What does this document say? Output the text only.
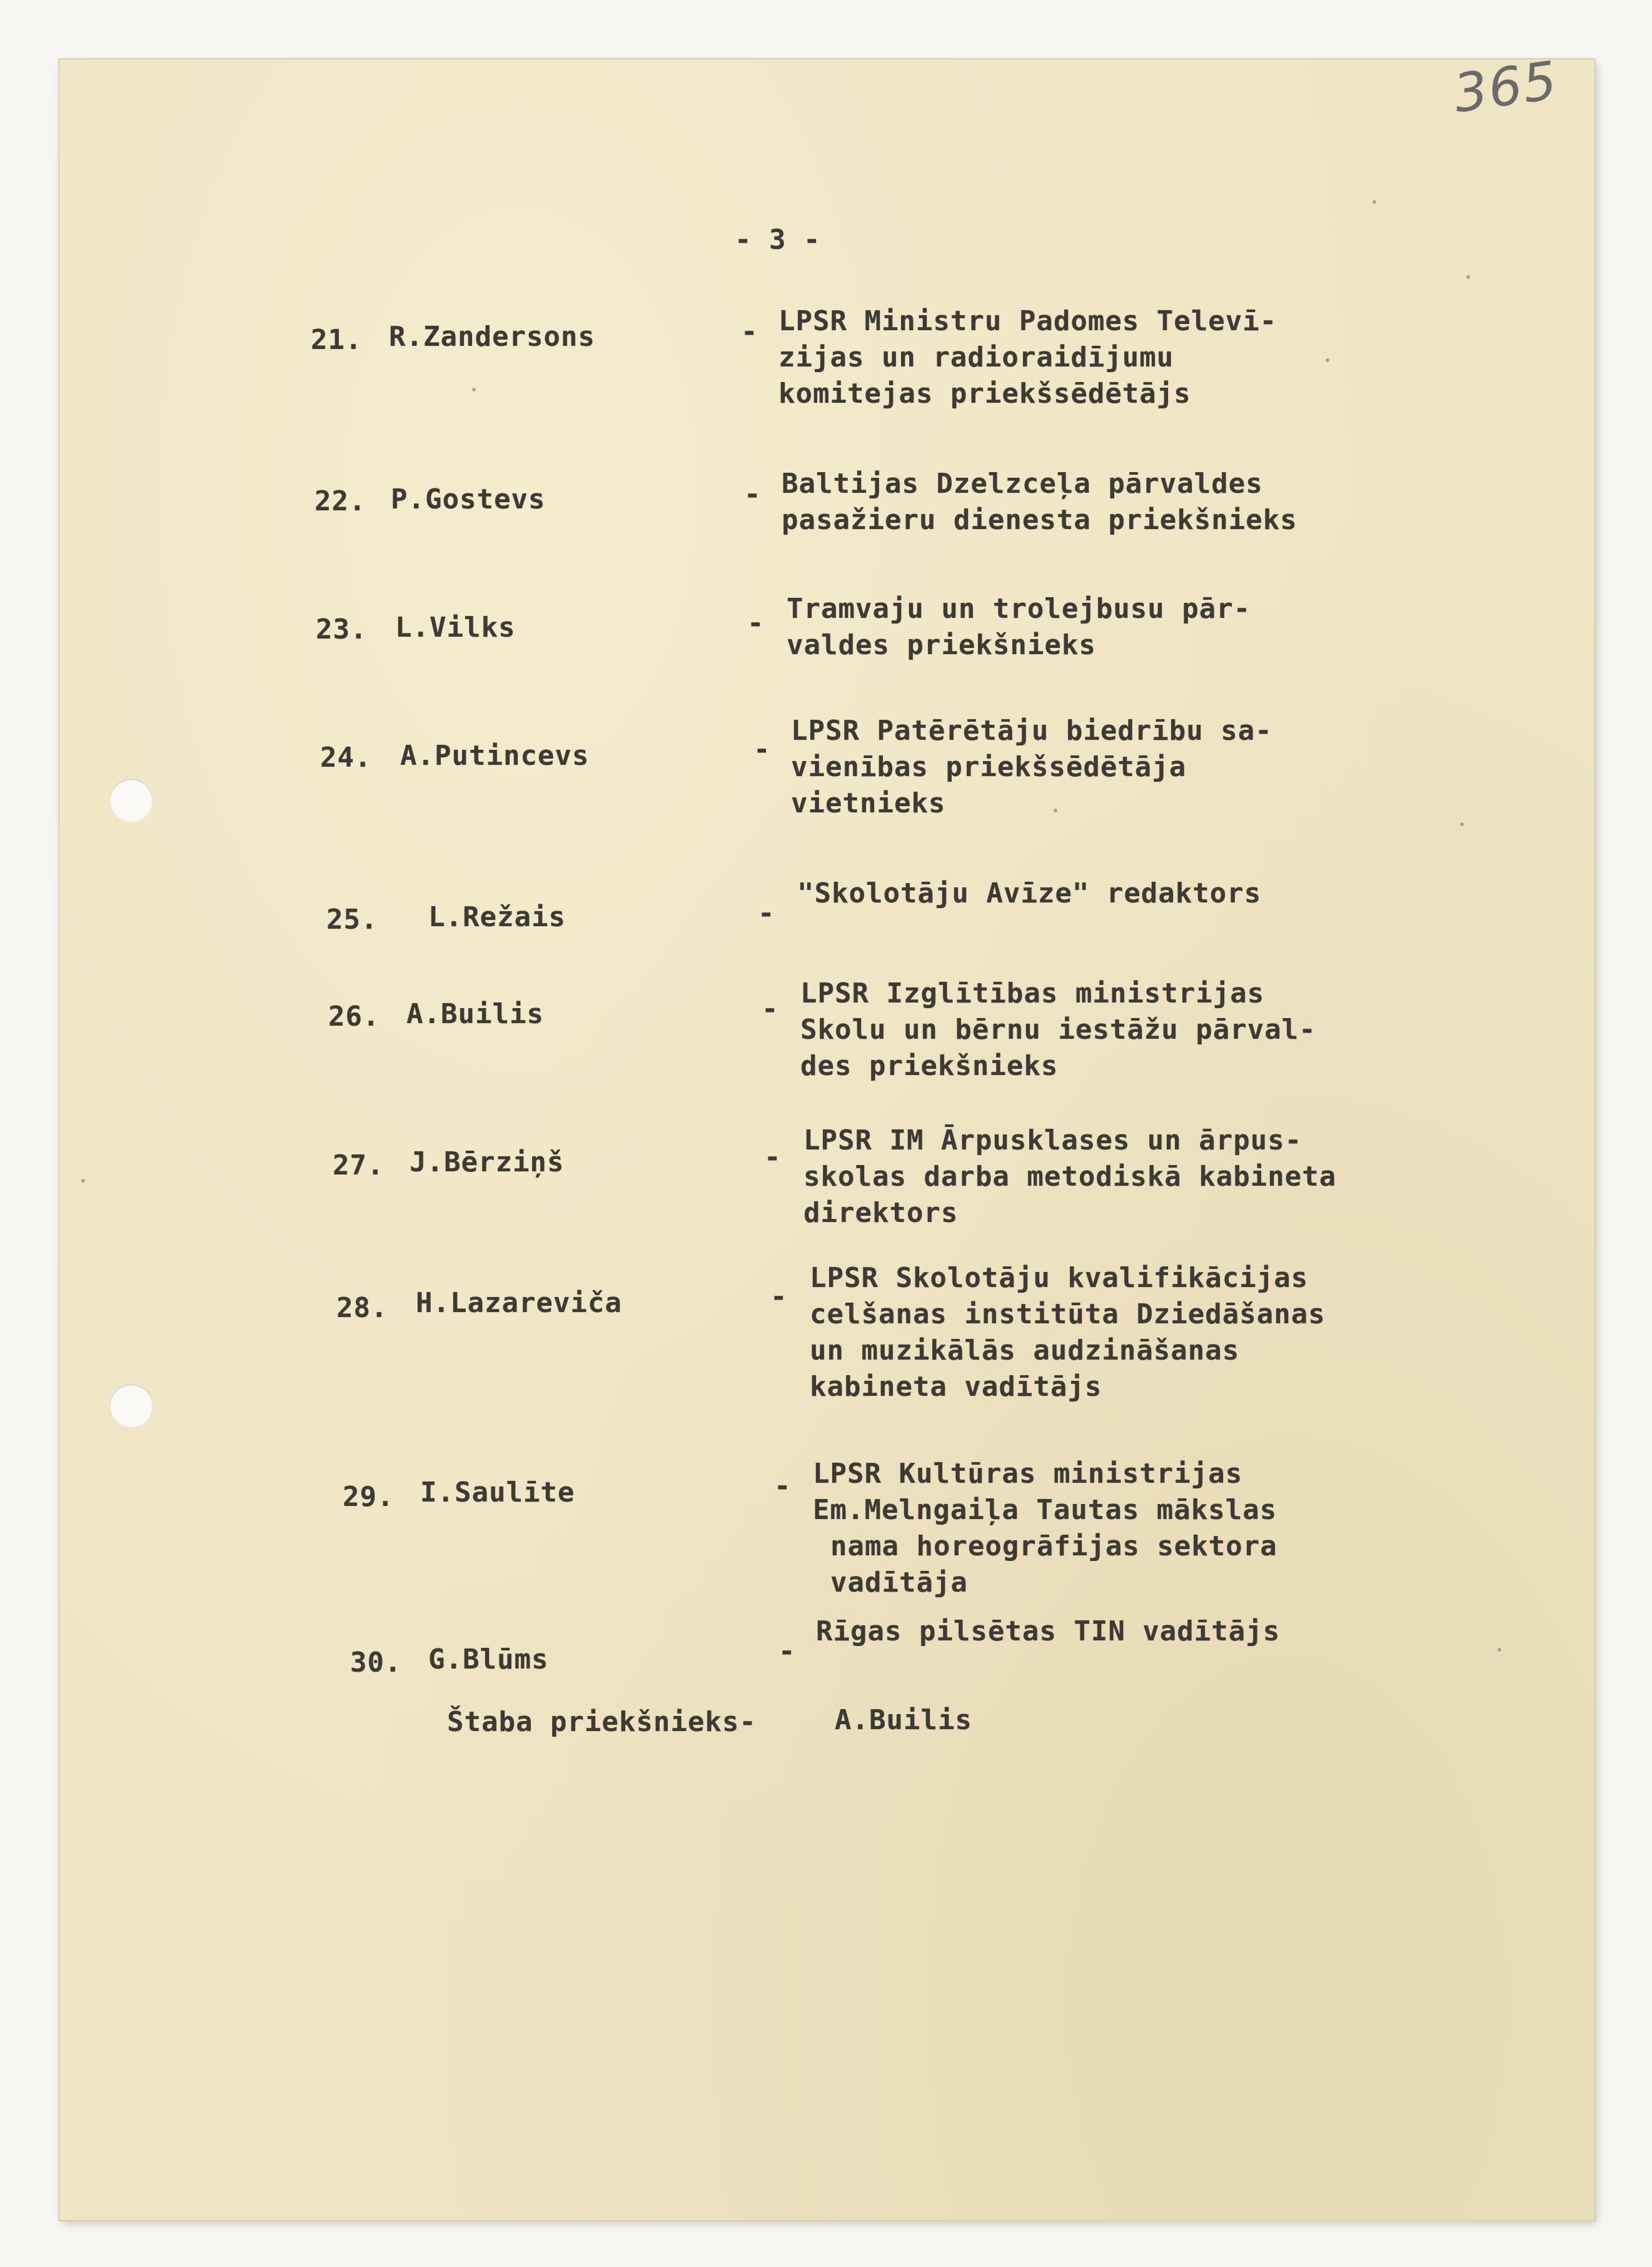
365
- 3 -
21. R.Zandersons	- LPSR Ministru Padomes Televī-
zijas un radioraidījumu
komitejas priekšsēdētājs
22. P.Gostevs	- Baltijas Dzelzceļa pārvaldes
pasažieru dienesta priekšnieks
23. L.Vilks	- Tramvaju un trolejbusu pār-
valdes priekšnieks
24. A.Putincevs	-
LPSR Patērētāju biedrību sa-
vienības priekšsēdētāja
vietnieks
25. L.Režais	-
"Skolotāju Avīze" redaktors
26. A.Builis	- LPSR Izglītības ministrijas
Skolu un bērnu iestāžu pārval-
des priekšnieks
27. J.Bērziņš	-
LPSR IM Ārpusklases un ārpus-
skolas darba metodiskā kabineta
direktors
28. H.Lazareviča	-
LPSR Skolotāju kvalifikācijas
celšanas institūta Dziedāšanas
un muzikālās audzināšanas
kabineta vadītājs
29. I.Saulīte	- LPSR Kultūras ministrijas
Em.Melngaiļa Tautas mākslas
nama horeogrāfijas sektora
vadītāja
30. G.Blūms	-
Rīgas pilsētas TIN vadītājs
Štaba priekšnieks-	A.Builis
